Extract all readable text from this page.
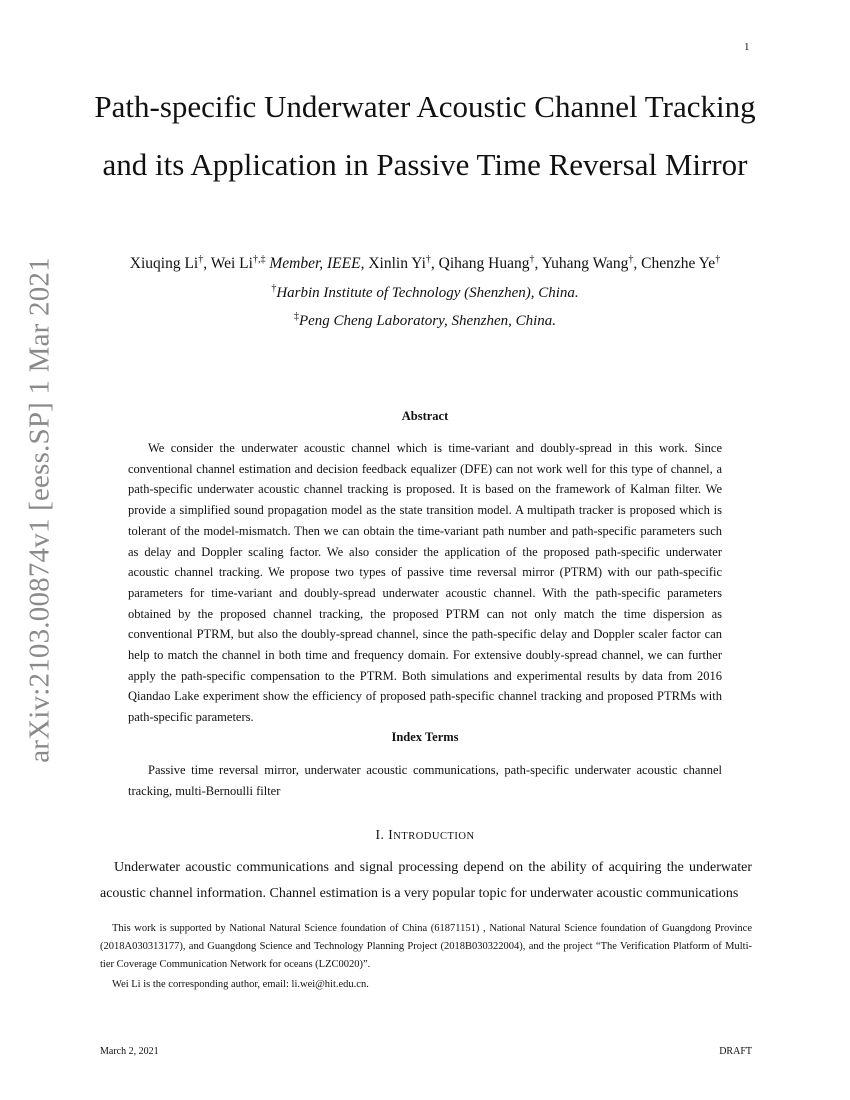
1
arXiv:2103.00874v1 [eess.SP] 1 Mar 2021
Path-specific Underwater Acoustic Channel Tracking and its Application in Passive Time Reversal Mirror
Xiuqing Li†, Wei Li†,‡ Member, IEEE, Xinlin Yi†, Qihang Huang†, Yuhang Wang†, Chenzhe Ye†
†Harbin Institute of Technology (Shenzhen), China.
‡Peng Cheng Laboratory, Shenzhen, China.
Abstract

We consider the underwater acoustic channel which is time-variant and doubly-spread in this work. Since conventional channel estimation and decision feedback equalizer (DFE) can not work well for this type of channel, a path-specific underwater acoustic channel tracking is proposed. It is based on the framework of Kalman filter. We provide a simplified sound propagation model as the state transition model. A multipath tracker is proposed which is tolerant of the model-mismatch. Then we can obtain the time-variant path number and path-specific parameters such as delay and Doppler scaling factor. We also consider the application of the proposed path-specific underwater acoustic channel tracking. We propose two types of passive time reversal mirror (PTRM) with our path-specific parameters for time-variant and doubly-spread underwater acoustic channel. With the path-specific parameters obtained by the proposed channel tracking, the proposed PTRM can not only match the time dispersion as conventional PTRM, but also the doubly-spread channel, since the path-specific delay and Doppler scaler factor can help to match the channel in both time and frequency domain. For extensive doubly-spread channel, we can further apply the path-specific compensation to the PTRM. Both simulations and experimental results by data from 2016 Qiandao Lake experiment show the efficiency of proposed path-specific channel tracking and proposed PTRMs with path-specific parameters.

Index Terms

Passive time reversal mirror, underwater acoustic communications, path-specific underwater acoustic channel tracking, multi-Bernoulli filter

I. INTRODUCTION

Underwater acoustic communications and signal processing depend on the ability of acquiring the underwater acoustic channel information. Channel estimation is a very popular topic for underwater acoustic communications

This work is supported by National Natural Science foundation of China (61871151) , National Natural Science foundation of Guangdong Province (2018A030313177), and Guangdong Science and Technology Planning Project (2018B030322004), and the project “The Verification Platform of Multi-tier Coverage Communication Network for oceans (LZC0020)”.

Wei Li is the corresponding author, email: li.wei@hit.edu.cn.

March 2, 2021	DRAFT
